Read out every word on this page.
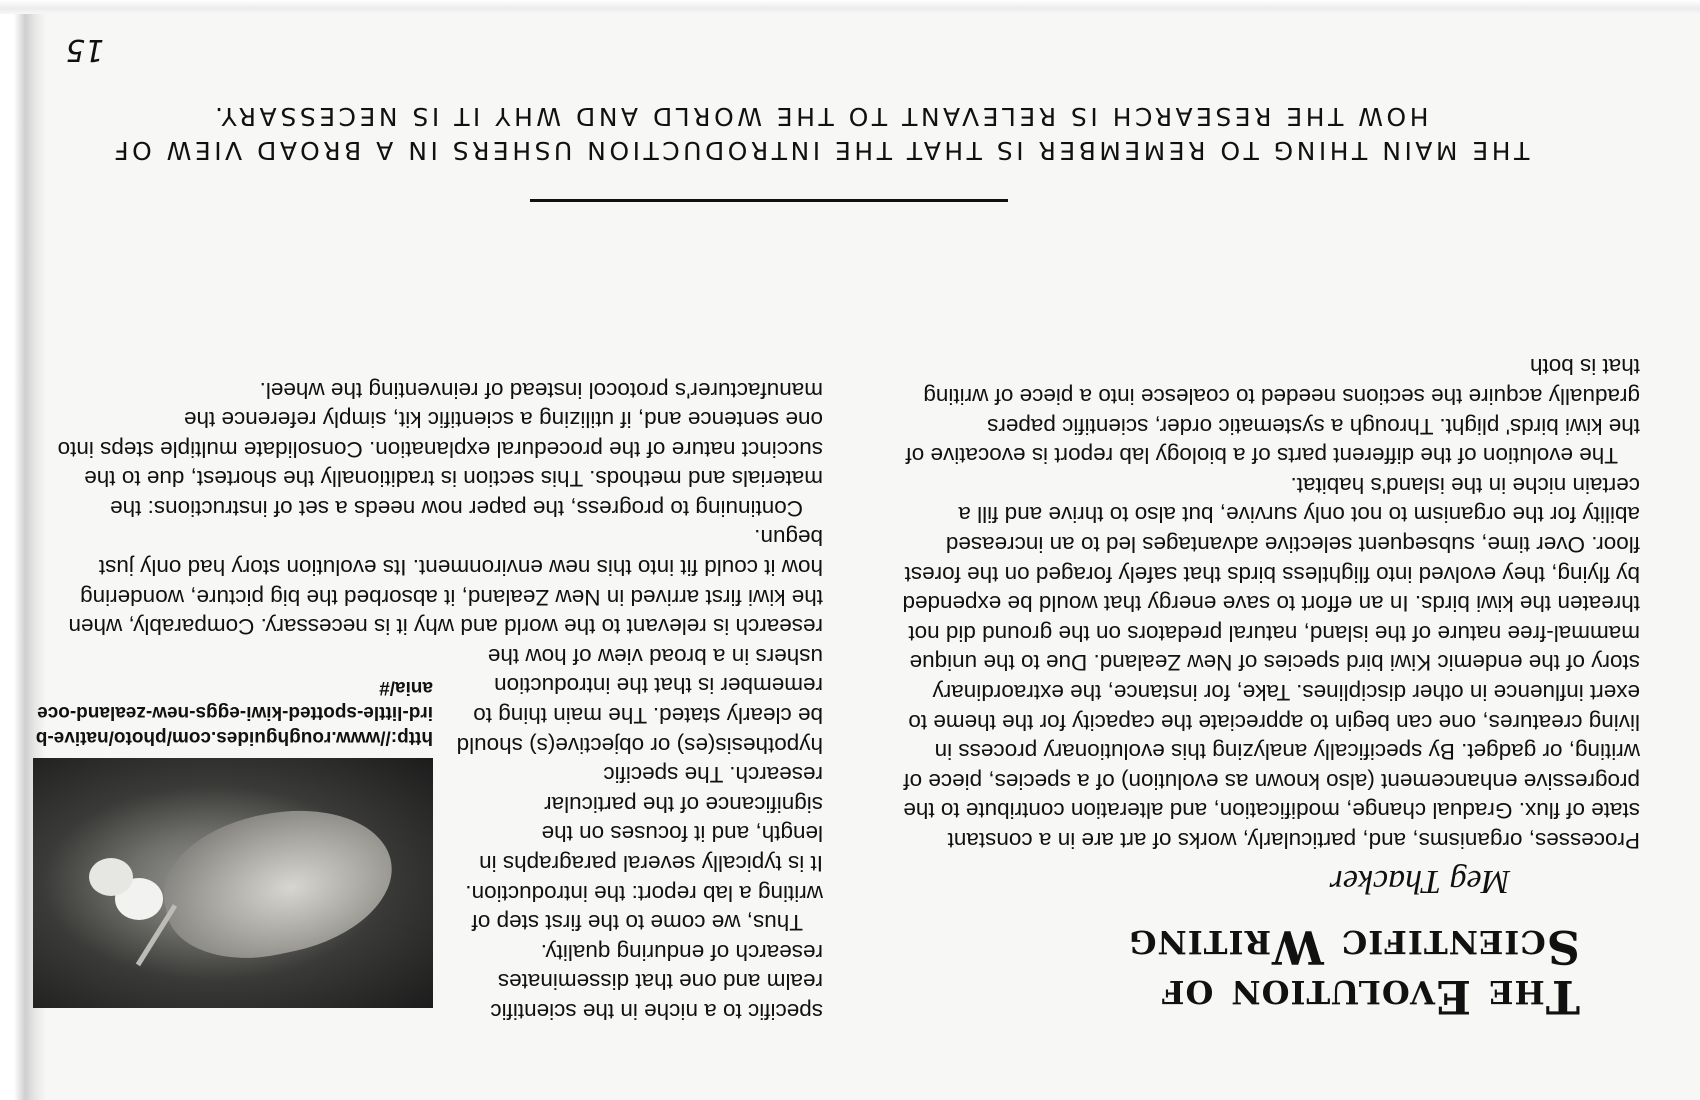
15
The Evolution of Scientific Writing
Meg Thacker

Processes, organisms, and, particularly, works of art are in a constant state of flux. Gradual change, modification, and alteration contribute to the progressive enhancement (also known as evolution) of a species, piece of writing, or gadget. By specifically analyzing this evolutionary process in living creatures, one can begin to appreciate the capacity for the theme to exert influence in other disciplines. Take, for instance, the extraordinary story of the endemic Kiwi bird species of New Zealand. Due to the unique mammal-free nature of the island, natural predators on the ground did not threaten the kiwi birds. In an effort to save energy that would be expended by flying, they evolved into flightless birds that safely foraged on the forest floor. Over time, subsequent selective advantages led to an increased ability for the organism to not only survive, but also to thrive and fill a certain niche in the island's habitat.

The evolution of the different parts of a biology lab report is evocative of the kiwi birds' plight. Through a systematic order, scientific papers gradually acquire the sections needed to coalesce into a piece of writing that is both

http://www.roughguides.com/photo/native-bird-little-spotted-kiwi-eggs-new-zealand-oceania/#

specific to a niche in the scientific realm and one that disseminates research of enduring quality.

Thus, we come to the first step of writing a lab report: the introduction. It is typically several paragraphs in length, and it focuses on the significance of the particular research. The specific hypothesis(es) or objective(s) should be clearly stated. The main thing to remember is that the introduction ushers in a broad view of how the research is relevant to the world and why it is necessary. Comparably, when the kiwi first arrived in New Zealand, it absorbed the big picture, wondering how it could fit into this new environment. Its evolution story had only just begun.

Continuing to progress, the paper now needs a set of instructions: the materials and methods. This section is traditionally the shortest, due to the succinct nature of the procedural explanation. Consolidate multiple steps into one sentence and, if utilizing a scientific kit, simply reference the manufacturer's protocol instead of reinventing the wheel.

THE MAIN THING TO REMEMBER IS THAT THE INTRODUCTION USHERS IN A BROAD VIEW OF HOW THE RESEARCH IS RELEVANT TO THE WORLD AND WHY IT IS NECESSARY.
